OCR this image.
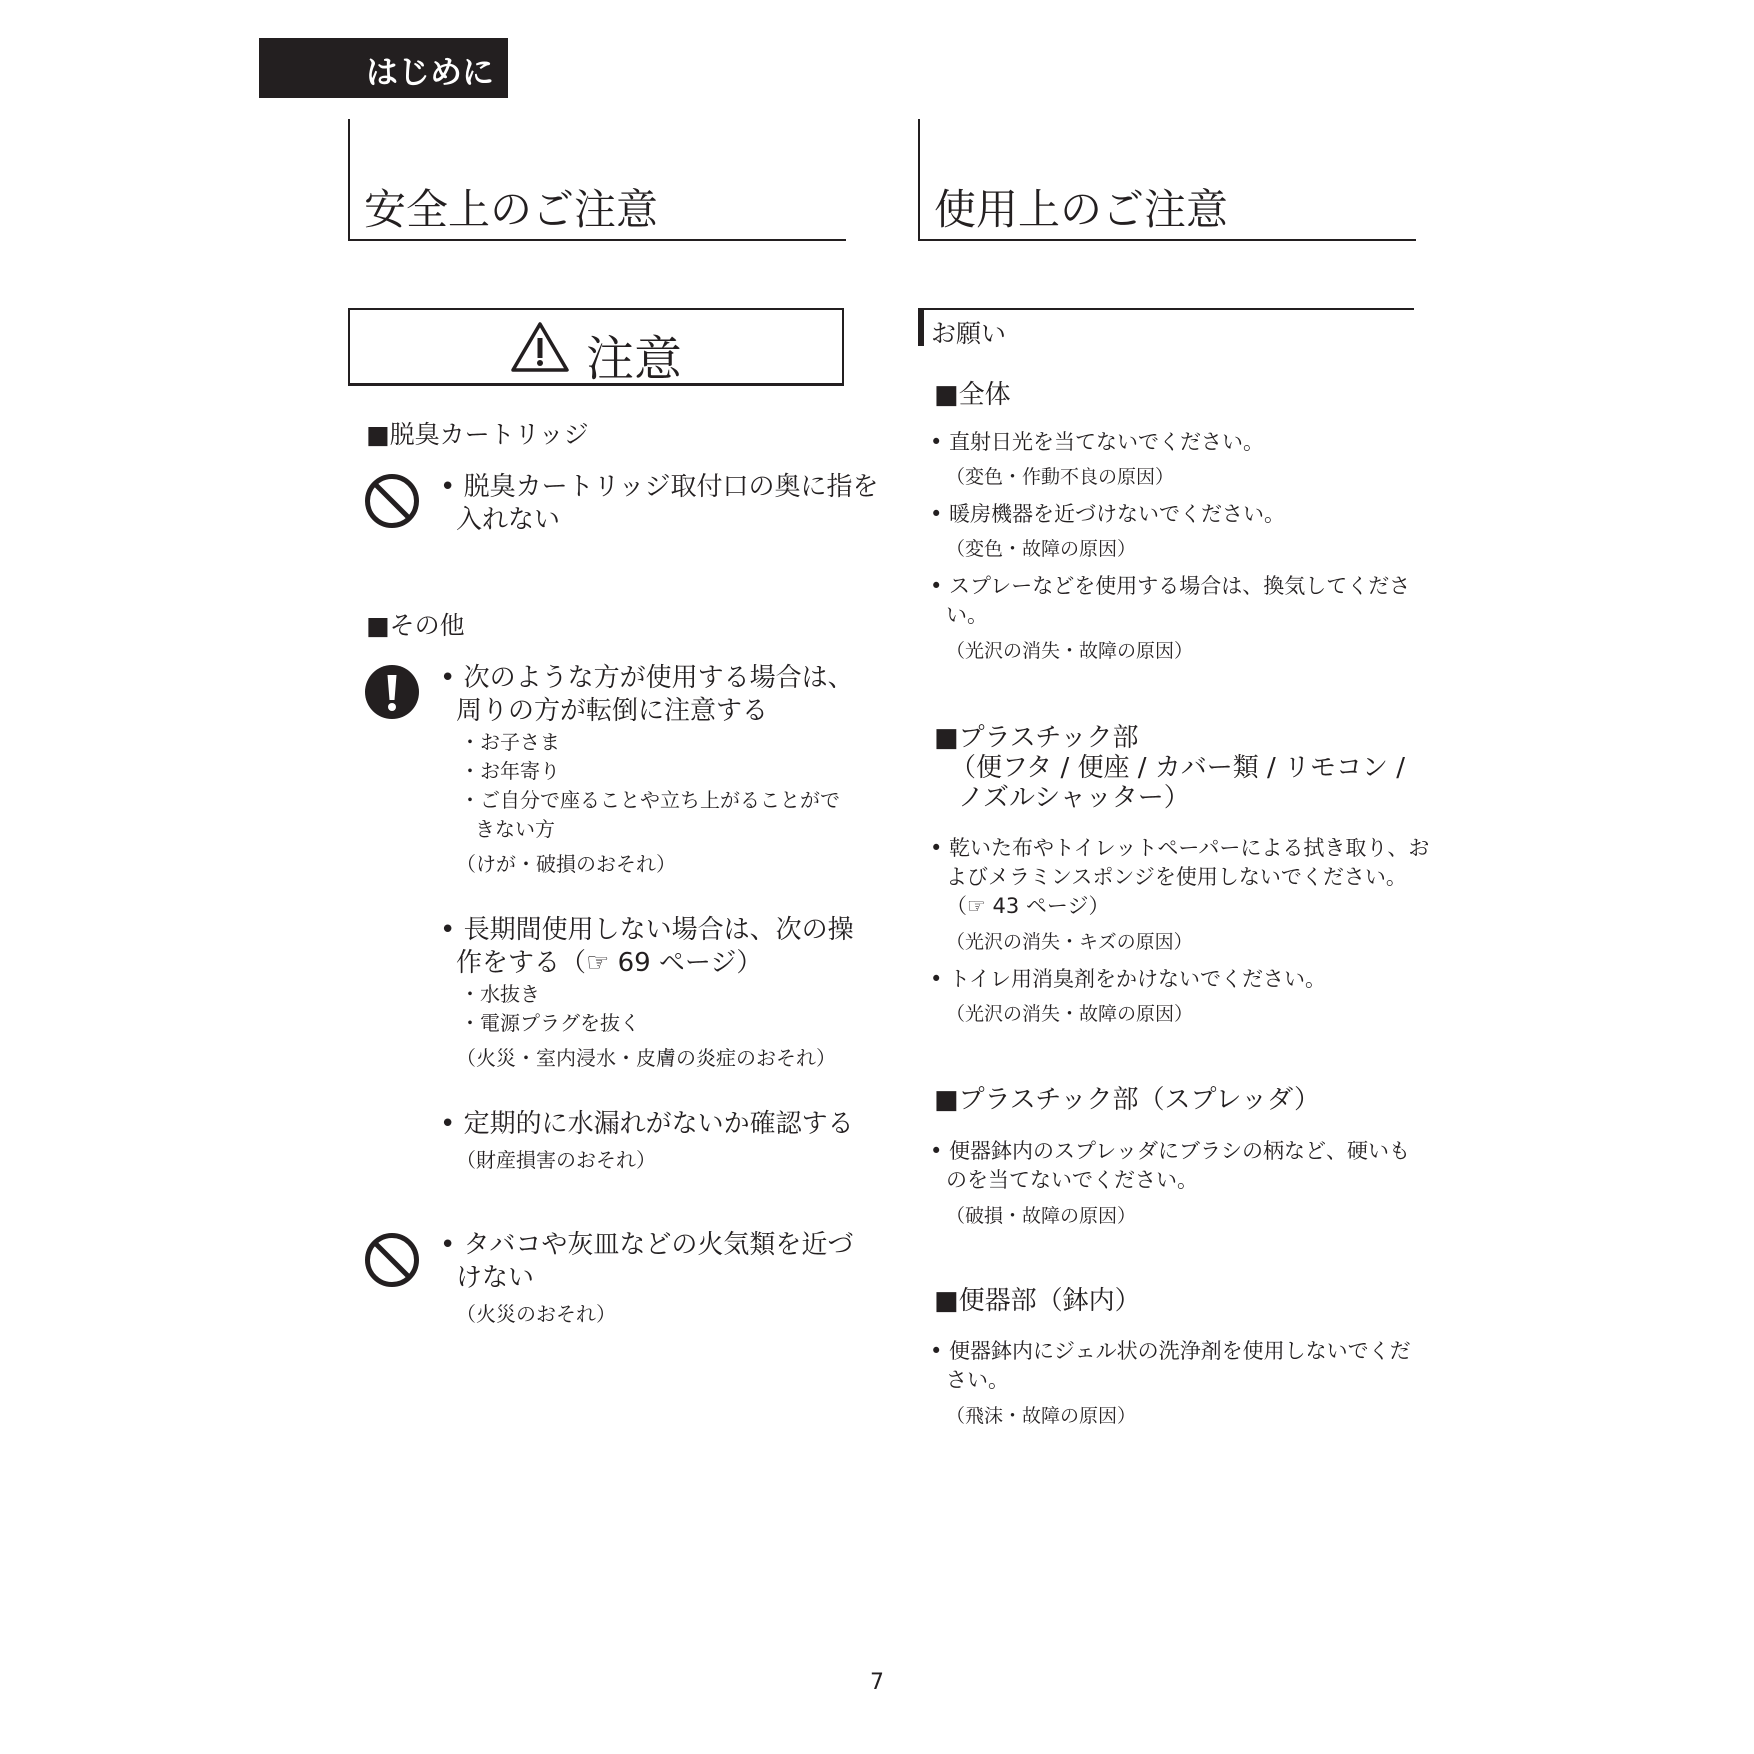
はじめに
安全上のご注意
注意
■脱臭カートリッジ
• 脱臭カートリッジ取付口の奥に指を
入れない
■その他
• 次のような方が使用する場合は、
周りの方が転倒に注意する
・お子さま
・お年寄り
・ご自分で座ることや立ち上がることがで
きない方
（けが・破損のおそれ）
• 長期間使用しない場合は、次の操
作をする（☞ 69 ページ）
・水抜き
・電源プラグを抜く
（火災・室内浸水・皮膚の炎症のおそれ）
• 定期的に水漏れがないか確認する
（財産損害のおそれ）
• タバコや灰皿などの火気類を近づ
けない
（火災のおそれ）
使用上のご注意
お願い
■全体
• 直射日光を当てないでください。
（変色・作動不良の原因）
• 暖房機器を近づけないでください。
（変色・故障の原因）
• スプレーなどを使用する場合は、換気してくださ
い。
（光沢の消失・故障の原因）
■プラスチック部
（便フタ / 便座 / カバー類 / リモコン /
ノズルシャッター）
• 乾いた布やトイレットペーパーによる拭き取り、お
よびメラミンスポンジを使用しないでください。
（☞ 43 ページ）
（光沢の消失・キズの原因）
• トイレ用消臭剤をかけないでください。
（光沢の消失・故障の原因）
■プラスチック部（スプレッダ）
• 便器鉢内のスプレッダにブラシの柄など、硬いも
のを当てないでください。
（破損・故障の原因）
■便器部（鉢内）
• 便器鉢内にジェル状の洗浄剤を使用しないでくだ
さい。
（飛沫・故障の原因）
7
